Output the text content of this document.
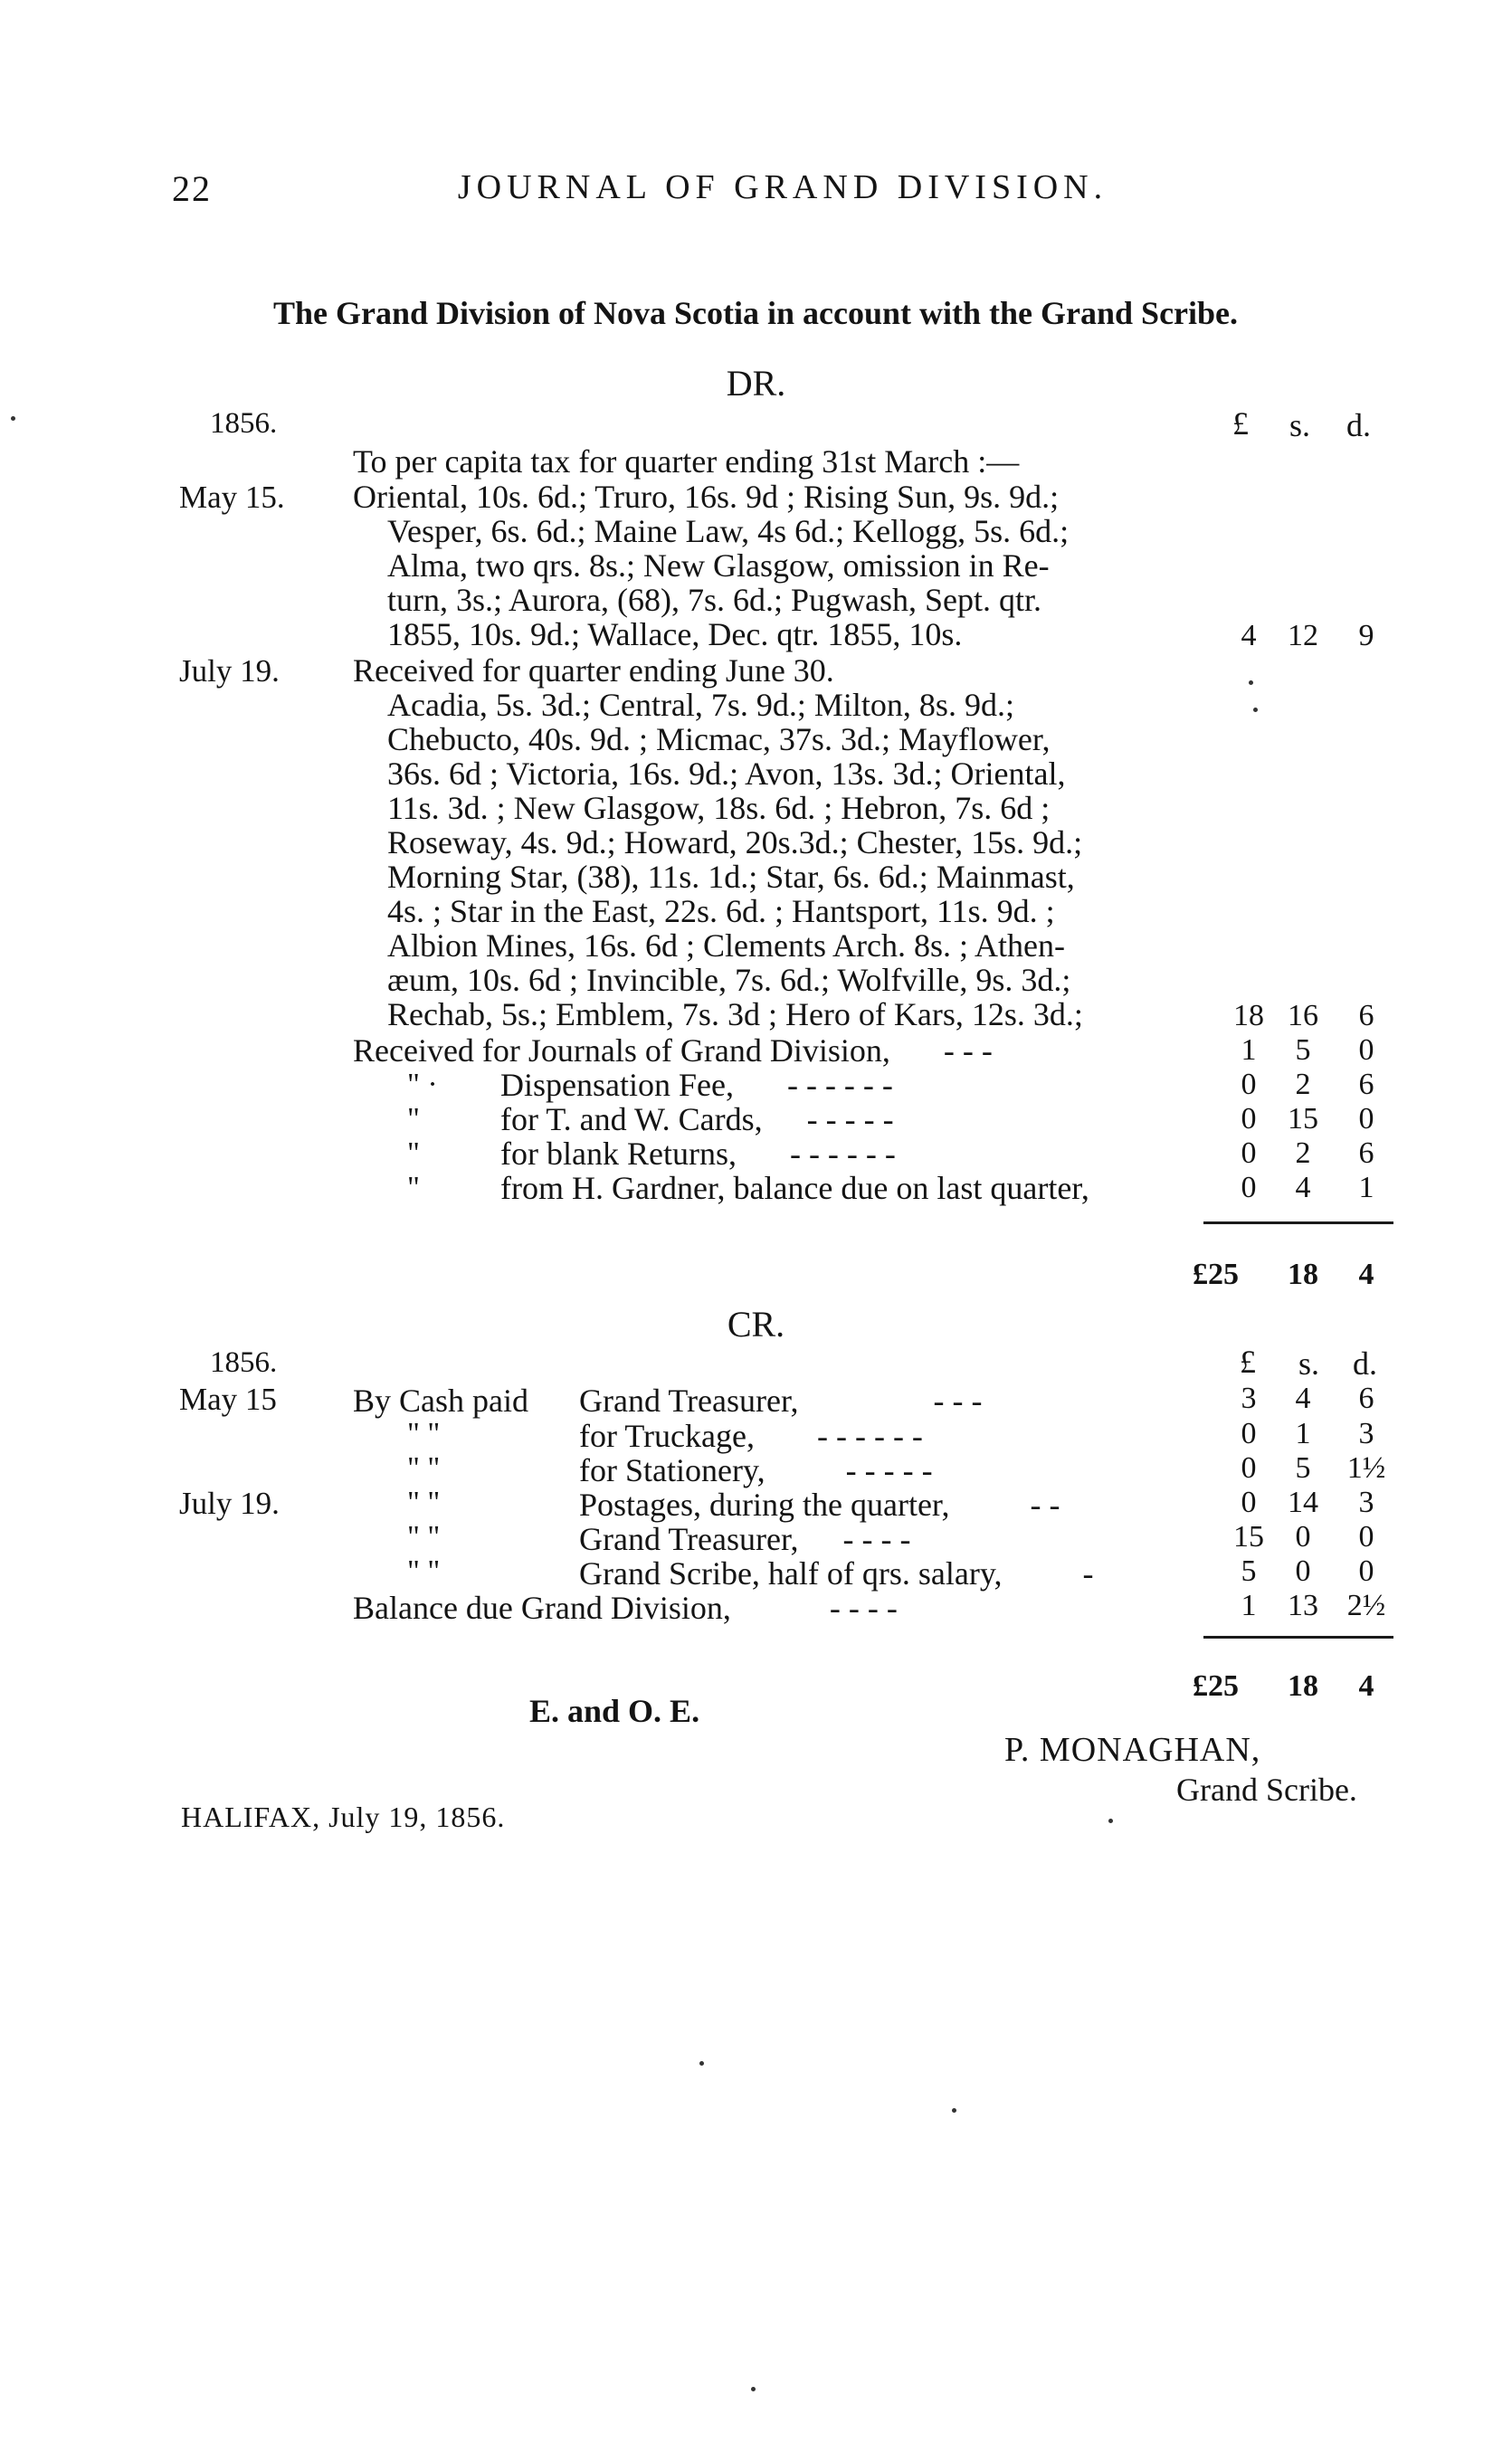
22	JOURNAL OF GRAND DIVISION.
The Grand Division of Nova Scotia in account with the Grand Scribe.
DR.
1856.	£ s. d.
To per capita tax for quarter ending 31st March :—
May 15. Oriental, 10s. 6d.; Truro, 16s. 9d ; Rising Sun, 9s. 9d.;
Vesper, 6s. 6d.; Maine Law, 4s 6d.; Kellogg, 5s. 6d.;
Alma, two qrs. 8s.; New Glasgow, omission in Re-
turn, 3s.; Aurora, (68), 7s. 6d.; Pugwash, Sept. qtr.
1855, 10s. 9d.; Wallace, Dec. qtr. 1855, 10s.	4	12	9
July 19. Received for quarter ending June 30.
Acadia, 5s. 3d.; Central, 7s. 9d.; Milton, 8s. 9d.;
Chebucto, 40s. 9d. ; Micmac, 37s. 3d.; Mayflower,
36s. 6d ; Victoria, 16s. 9d.; Avon, 13s. 3d.; Oriental,
11s. 3d. ; New Glasgow, 18s. 6d. ; Hebron, 7s. 6d ;
Roseway, 4s. 9d.; Howard, 20s.3d.; Chester, 15s. 9d.;
Morning Star, (38), 11s. 1d.; Star, 6s. 6d.; Mainmast,
4s. ; Star in the East, 22s. 6d. ; Hantsport, 11s. 9d. ;
Albion Mines, 16s. 6d ; Clements Arch. 8s. ; Athen-
æum, 10s. 6d ; Invincible, 7s. 6d.; Wolfville, 9s. 3d.;
Rechab, 5s.; Emblem, 7s. 3d ; Hero of Kars, 12s. 3d.;	18 16	6
Received for Journals of Grand Division, - - -	1	5	0
" · Dispensation Fee, - - - - - -	0	2	6
" for T. and W. Cards, - - - - -	0	15	0
" for blank Returns, - - - - - -	0	2	6
" from H. Gardner, balance due on last quarter,	0	4	1
£25	18	4
CR.
1856.	£ s. d.
May 15 By Cash paid Grand Treasurer,	- - -	3	4	6
" "	for Truckage, - - - - - -	0	1	3
" "	for Stationery, - - - - -	0	5	1½
July 19.	" "	Postages, during the quarter, - -	0	14	3
" "	Grand Treasurer, - - - -	15	0	0
" "	Grand Scribe, half of qrs. salary, -	5	0	0
Balance due Grand Division,	- - - -	1	13 2½
£25	18	4
E. and O. E.
P. MONAGHAN,
Grand Scribe.
HALIFAX, July 19, 1856.
